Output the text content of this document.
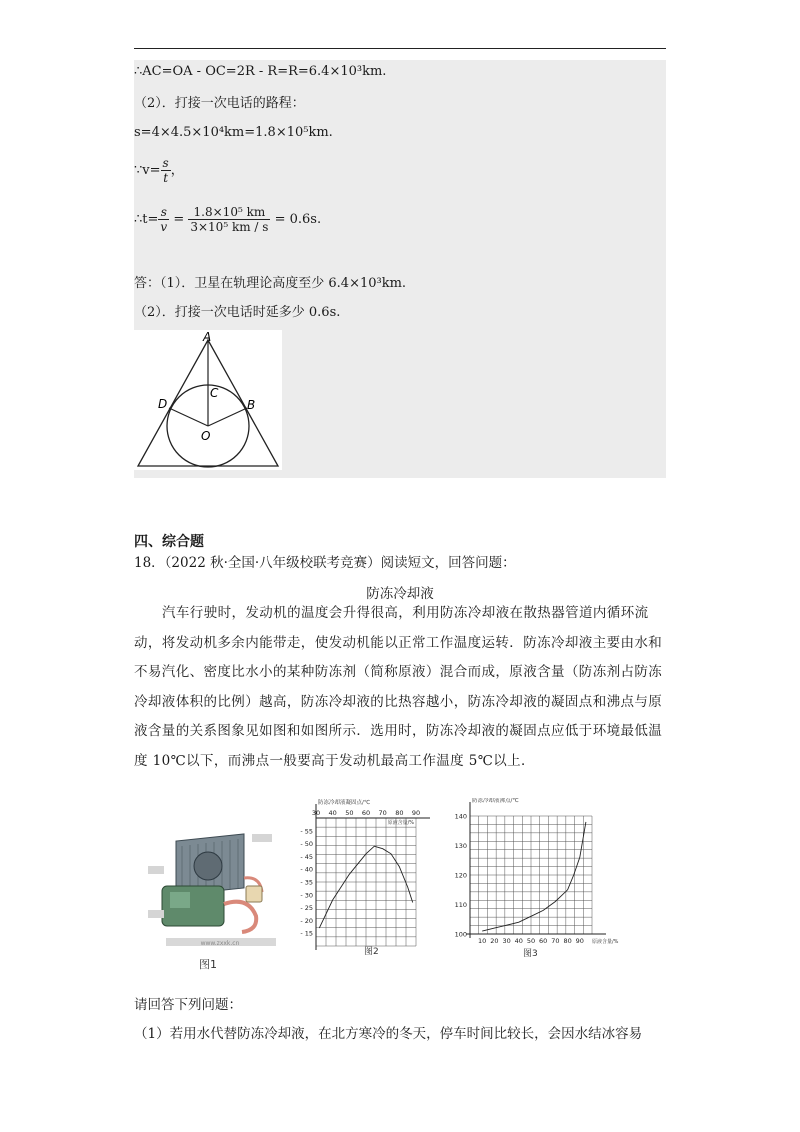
∴AC=OA - OC=2R - R=R=6.4×10³km.
（2）．打接一次电话的路程：
s=4×4.5×10⁴km=1.8×10⁵km.
∵v= $\frac{s}{t}$ ，
∴t= $\frac{s}{v} = \frac{\text{1.8×10⁵ km}}{\text{3×10⁵ km / s}} = 0.6s$.
答：（1）．卫星在轨理论高度至少 6.4×10³km.
（2）．打接一次电话时延多少 0.6s.
A
C
D	B
O
四、综合题
18．（2022 秋·全国·八年级校联考竞赛）阅读短文，回答问题：
防冻冷却液
汽车行驶时，发动机的温度会升得很高，利用防冻冷却液在散热器管道内循环流动，将发动机多余内能带走，使发动机能以正常工作温度运转．防冻冷却液主要由水和不易汽化、密度比水小的某种防冻剂（简称原液）混合而成，原液含量（防冻剂占防冻冷却液体积的比例）越高，防冻冷却液的比热容越小，防冻冷却液的凝固点和沸点与原液含量的关系图象见如图和如图所示．选用时，防冻冷却液的凝固点应低于环境最低温度 10℃以下，而沸点一般要高于发动机最高工作温度 5℃以上．
www.zxxk.cn
图1
30 40 50 60 70 80 90
- 15
- 20
- 25
- 30
- 35
- 40
- 45
- 50
- 55
防冻冷却液凝固点/℃
原液含量/%
图2
10 20 30 40 50 60 70 80 90
100
110
120
130
140
防冻冷却液沸点/℃
原液含量/%
图3
请回答下列问题：
（1）若用水代替防冻冷却液，在北方寒冷的冬天，停车时间比较长，会因水结冰容易
